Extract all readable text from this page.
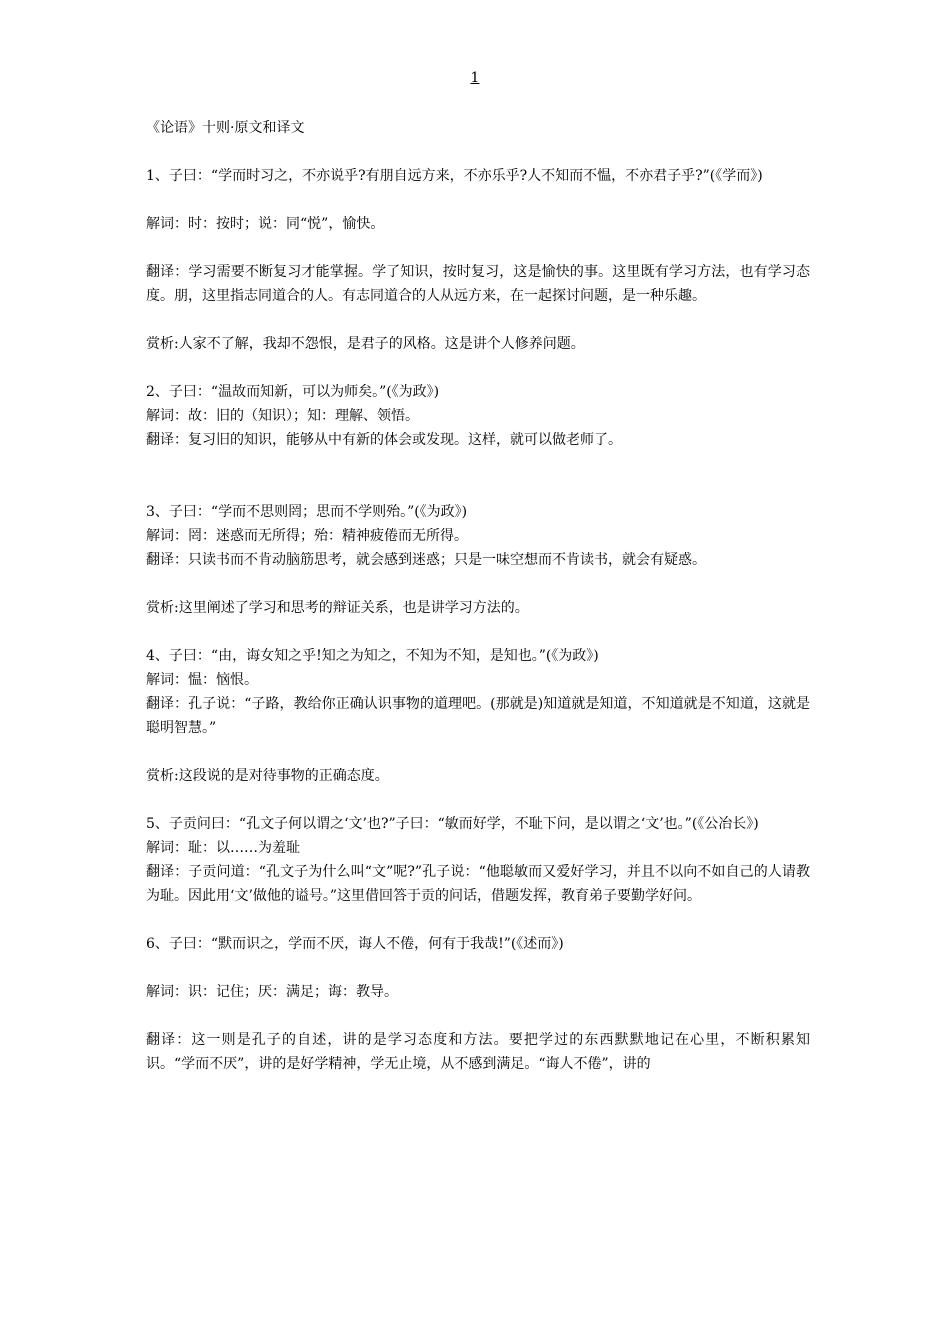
1

《论语》十则·原文和译文

1、子曰：“学而时习之，不亦说乎?有朋自远方来，不亦乐乎?人不知而不愠，不亦君子乎?”(《学而》)

解词：时：按时；说：同“悦”，愉快。

翻译：学习需要不断复习才能掌握。学了知识，按时复习，这是愉快的事。这里既有学习方法，也有学习态度。朋，这里指志同道合的人。有志同道合的人从远方来，在一起探讨问题，是一种乐趣。

赏析:人家不了解，我却不怨恨，是君子的风格。这是讲个人修养问题。

2、子曰：“温故而知新，可以为师矣。”(《为政》)

解词：故：旧的（知识）；知：理解、领悟。

翻译：复习旧的知识，能够从中有新的体会或发现。这样，就可以做老师了。

3、子曰：“学而不思则罔；思而不学则殆。”(《为政》)

解词：罔：迷惑而无所得；殆：精神疲倦而无所得。

翻译：只读书而不肯动脑筋思考，就会感到迷惑；只是一味空想而不肯读书，就会有疑惑。

赏析:这里阐述了学习和思考的辩证关系，也是讲学习方法的。

4、子曰：“由，诲女知之乎!知之为知之，不知为不知，是知也。”(《为政》)

解词：愠：恼恨。

翻译：孔子说：“子路，教给你正确认识事物的道理吧。(那就是)知道就是知道，不知道就是不知道，这就是聪明智慧。”

赏析:这段说的是对待事物的正确态度。

5、子贡问曰：“孔文子何以谓之‘文’也?”子曰：“敏而好学，不耻下问，是以谓之‘文’也。”(《公冶长》)

解词：耻：以……为羞耻

翻译：子贡问道：“孔文子为什么叫“文”呢?”孔子说：“他聪敏而又爱好学习，并且不以向不如自己的人请教为耻。因此用‘文’做他的谥号。”这里借回答于贡的问话，借题发挥，教育弟子要勤学好问。

6、子曰：“默而识之，学而不厌，诲人不倦，何有于我哉!”(《述而》)

解词：识：记住；厌：满足；诲：教导。

翻译：这一则是孔子的自述，讲的是学习态度和方法。要把学过的东西默默地记在心里，不断积累知识。“学而不厌”，讲的是好学精神，学无止境，从不感到满足。“诲人不倦”，讲的
